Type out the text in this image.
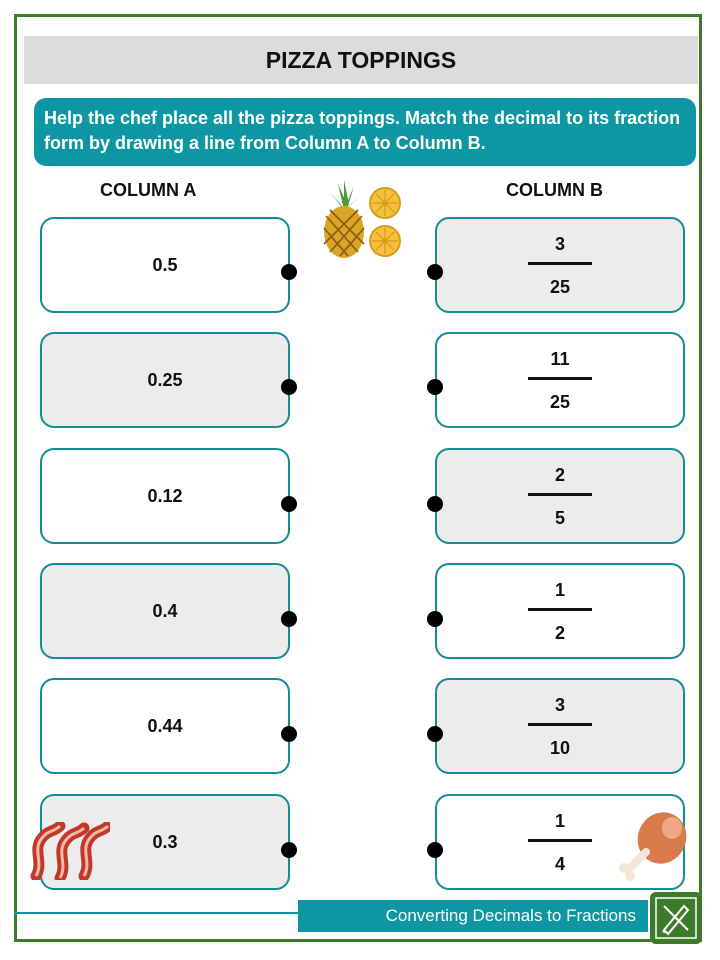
PIZZA TOPPINGS
Help the chef place all the pizza toppings. Match the decimal to its fraction form by drawing a line from Column A to Column B.
COLUMN A	COLUMN B
0.5
0.25
0.12
0.4
0.44
0.3
$\frac{3}{25}$
$\frac{11}{25}$
$\frac{2}{5}$
$\frac{1}{2}$
$\frac{3}{10}$
$\frac{1}{4}$
Converting Decimals to Fractions
